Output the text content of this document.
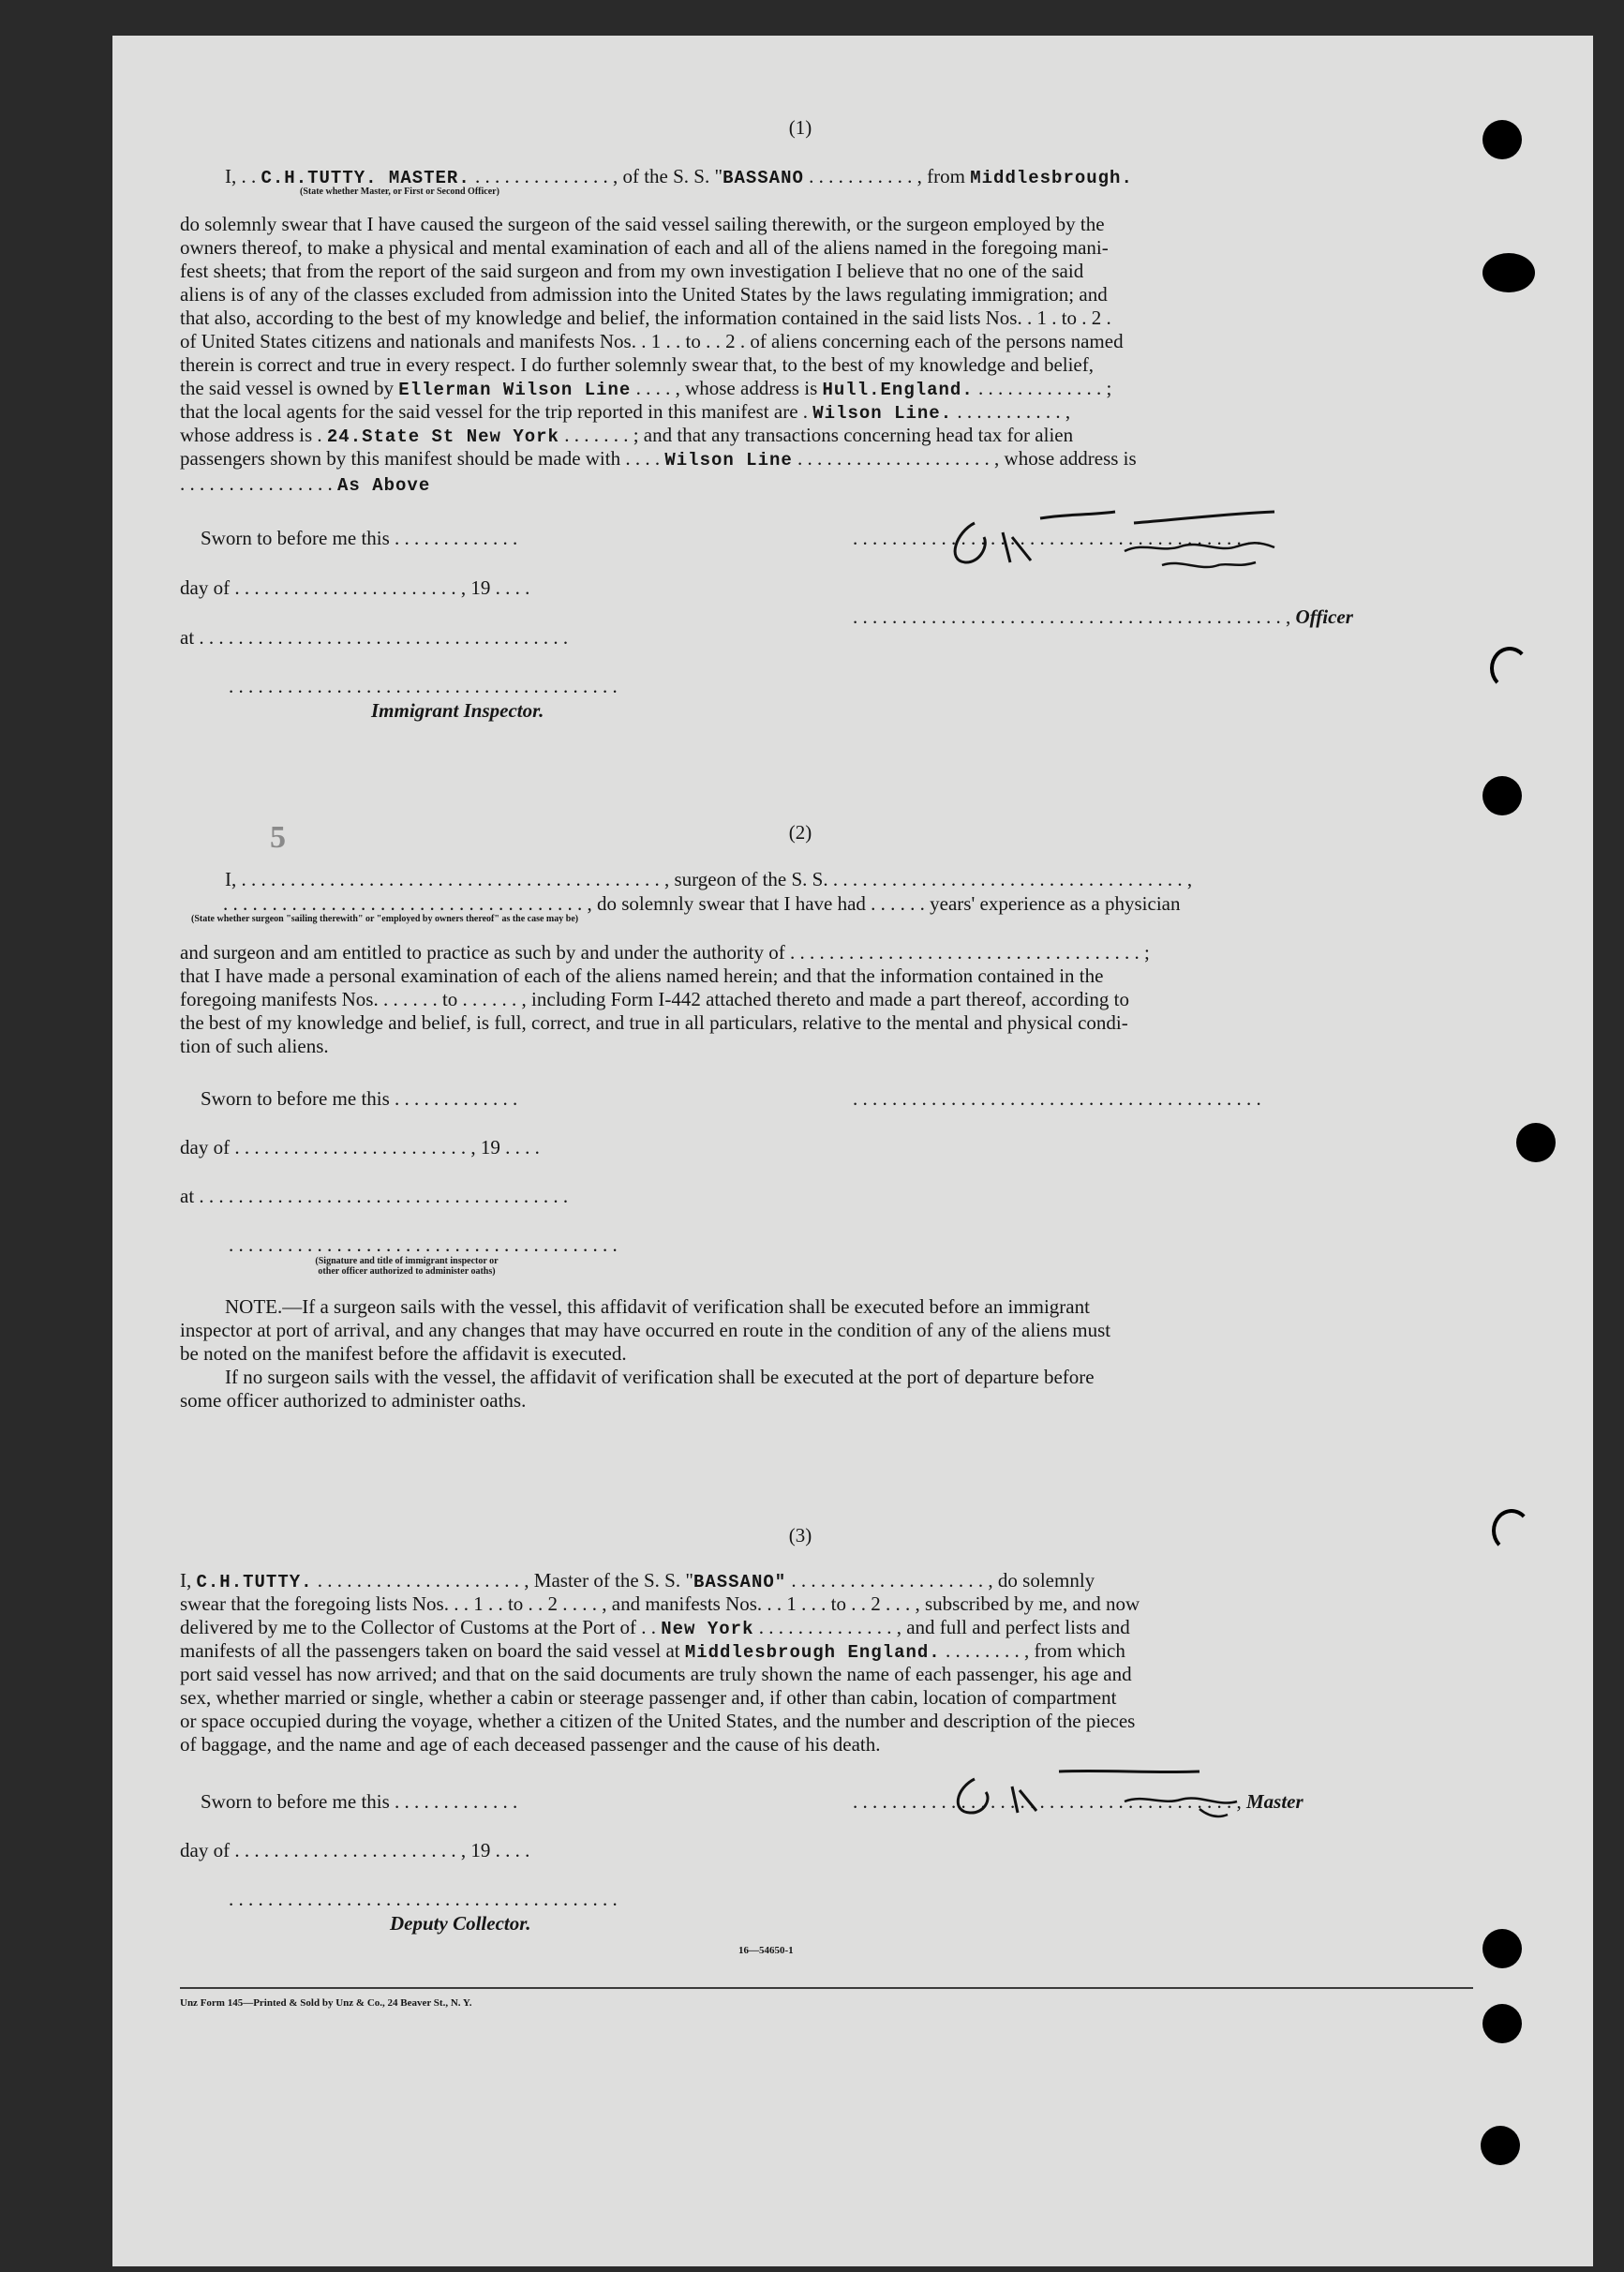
5
(1)
I, . . C.H.TUTTY. MASTER. . . . . . . . . . . . . . . , of the S. S. "BASSANO . . . . . . . . . . . , from Middlesbrough.
(State whether Master, or First or Second Officer)
do solemnly swear that I have caused the surgeon of the said vessel sailing therewith, or the surgeon employed by the
owners thereof, to make a physical and mental examination of each and all of the aliens named in the foregoing mani-
fest sheets; that from the report of the said surgeon and from my own investigation I believe that no one of the said
aliens is of any of the classes excluded from admission into the United States by the laws regulating immigration; and
that also, according to the best of my knowledge and belief, the information contained in the said lists Nos. . 1 . to . 2 .
of United States citizens and nationals and manifests Nos. . 1 . . to . . 2 . of aliens concerning each of the persons named
therein is correct and true in every respect. I do further solemnly swear that, to the best of my knowledge and belief,
the said vessel is owned by Ellerman Wilson Line . . . . , whose address is Hull.England. . . . . . . . . . . . . . ;
that the local agents for the said vessel for the trip reported in this manifest are . Wilson Line. . . . . . . . . . . . ,
whose address is . 24.State St New York . . . . . . . ; and that any transactions concerning head tax for alien
passengers shown by this manifest should be made with . . . . Wilson Line . . . . . . . . . . . . . . . . . . . . , whose address is
. . . . . . . . . . . . . . . . As Above
Sworn to before me this . . . . . . . . . . . . .
day of . . . . . . . . . . . . . . . . . . . . . . . , 19 . . . .
at . . . . . . . . . . . . . . . . . . . . . . . . . . . . . . . . . . . . . .
. . . . . . . . . . . . . . . . . . . . . . . . . . . . . . . . . . . . . . . .
Immigrant Inspector.
. . . . . . . . . . . . . . . . . . . . . . . . . . . . . . . . . . . . . . . . . .
. . . . . . . . . . . . . . . . . . . . . . . . . . . . . . . . . . . . . . . . . . . . , Officer
(2)
I, . . . . . . . . . . . . . . . . . . . . . . . . . . . . . . . . . . . . . . . . . . . , surgeon of the S. S. . . . . . . . . . . . . . . . . . . . . . . . . . . . . . . . . . . . . ,
. . . . . . . . . . . . . . . . . . . . . . . . . . . . . . . . . . . . . , do solemnly swear that I have had . . . . . . years' experience as a physician
(State whether surgeon "sailing therewith" or "employed by owners thereof" as the case may be)
and surgeon and am entitled to practice as such by and under the authority of . . . . . . . . . . . . . . . . . . . . . . . . . . . . . . . . . . . . ;
that I have made a personal examination of each of the aliens named herein; and that the information contained in the
foregoing manifests Nos. . . . . . . to . . . . . . , including Form I-442 attached thereto and made a part thereof, according to
the best of my knowledge and belief, is full, correct, and true in all particulars, relative to the mental and physical condi-
tion of such aliens.
Sworn to before me this . . . . . . . . . . . . .	. . . . . . . . . . . . . . . . . . . . . . . . . . . . . . . . . . . . . . . . . .
day of . . . . . . . . . . . . . . . . . . . . . . . . , 19 . . . .
at . . . . . . . . . . . . . . . . . . . . . . . . . . . . . . . . . . . . . .
. . . . . . . . . . . . . . . . . . . . . . . . . . . . . . . . . . . . . . . .
(Signature and title of immigrant inspector or
other officer authorized to administer oaths)
NOTE.—If a surgeon sails with the vessel, this affidavit of verification shall be executed before an immigrant
inspector at port of arrival, and any changes that may have occurred en route in the condition of any of the aliens must
be noted on the manifest before the affidavit is executed.
If no surgeon sails with the vessel, the affidavit of verification shall be executed at the port of departure before
some officer authorized to administer oaths.
(3)
I, C.H.TUTTY. . . . . . . . . . . . . . . . . . . . . . , Master of the S. S. "BASSANO" . . . . . . . . . . . . . . . . . . . . , do solemnly
swear that the foregoing lists Nos. . . 1 . . to . . 2 . . . . , and manifests Nos. . . 1 . . . to . . 2 . . . , subscribed by me, and now
delivered by me to the Collector of Customs at the Port of . . New York . . . . . . . . . . . . . . , and full and perfect lists and
manifests of all the passengers taken on board the said vessel at Middlesbrough England. . . . . . . . . , from which
port said vessel has now arrived; and that on the said documents are truly shown the name of each passenger, his age and
sex, whether married or single, whether a cabin or steerage passenger and, if other than cabin, location of compartment
or space occupied during the voyage, whether a citizen of the United States, and the number and description of the pieces
of baggage, and the name and age of each deceased passenger and the cause of his death.
Sworn to before me this . . . . . . . . . . . . .	. . . . . . . . . . . . . . . . . . . . . . . . . . . . . . . . . . . . . . . , Master
day of . . . . . . . . . . . . . . . . . . . . . . . , 19 . . . .
. . . . . . . . . . . . . . . . . . . . . . . . . . . . . . . . . . . . . . . .
Deputy Collector.
16—54650-1
Unz Form 145—Printed & Sold by Unz & Co., 24 Beaver St., N. Y.
